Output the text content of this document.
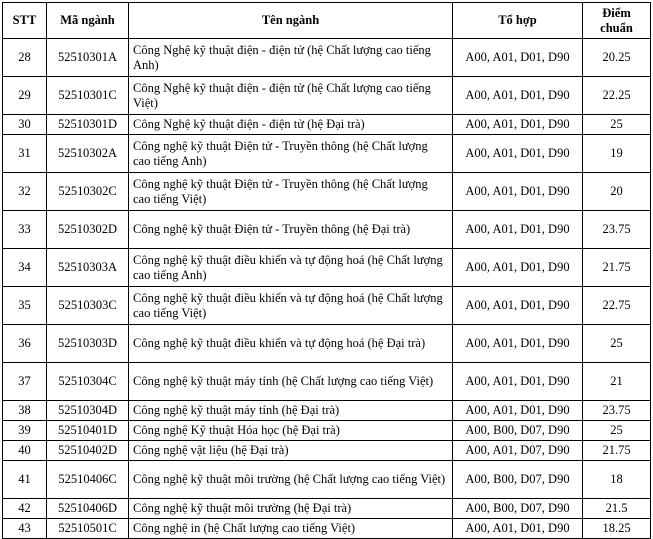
STT	Mã ngành	Tên ngành	Tổ hợp	Điểm chuẩn
28	52510301A	Công Nghệ kỹ thuật điện - điện tử (hệ Chất lượng cao tiếng Anh)	A00, A01, D01, D90	20.25
29	52510301C	Công Nghệ kỹ thuật điện - điện tử (hệ Chất lượng cao tiếng Việt)	A00, A01, D01, D90	22.25
30	52510301D	Công Nghệ kỹ thuật điện - điện tử (hệ Đại trà)	A00, A01, D01, D90	25
31	52510302A	Công nghệ kỹ thuật Điện tử - Truyền thông (hệ Chất lượng cao tiếng Anh)	A00, A01, D01, D90	19
32	52510302C	Công nghệ kỹ thuật Điện tử - Truyền thông (hệ Chất lượng cao tiếng Việt)	A00, A01, D01, D90	20
33	52510302D	Công nghệ kỹ thuật Điện tử - Truyền thông (hệ Đại trà)	A00, A01, D01, D90	23.75
34	52510303A	Công nghệ kỹ thuật điều khiển và tự động hoá (hệ Chất lượng cao tiếng Anh)	A00, A01, D01, D90	21.75
35	52510303C	Công nghệ kỹ thuật điều khiển và tự động hoá (hệ Chất lượng cao tiếng Việt)	A00, A01, D01, D90	22.75
36	52510303D	Công nghệ kỹ thuật điều khiển và tự động hoá (hệ Đại trà)	A00, A01, D01, D90	25
37	52510304C	Công nghệ kỹ thuật máy tính (hệ Chất lượng cao tiếng Việt)	A00, A01, D01, D90	21
38	52510304D	Công nghệ kỹ thuật máy tính (hệ Đại trà)	A00, A01, D01, D90	23.75
39	52510401D	Công nghệ Kỹ thuật Hóa học (hệ Đại trà)	A00, B00, D07, D90	25
40	52510402D	Công nghệ vật liệu (hệ Đại trà)	A00, A01, D07, D90	21.75
41	52510406C	Công nghệ kỹ thuật môi trường (hệ Chất lượng cao tiếng Việt)	A00, B00, D07, D90	18
42	52510406D	Công nghệ kỹ thuật môi trường (hệ Đại trà)	A00, B00, D07, D90	21.5
43	52510501C	Công nghệ in (hệ Chất lượng cao tiếng Việt)	A00, A01, D01, D90	18.25
